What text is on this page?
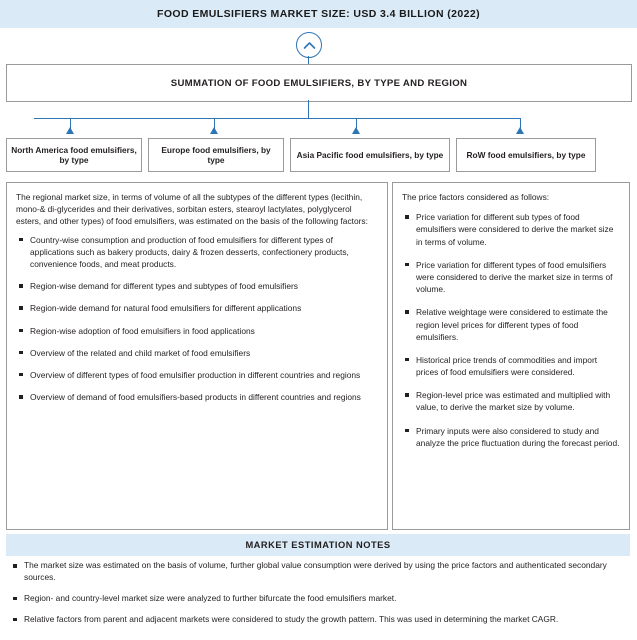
FOOD EMULSIFIERS MARKET SIZE: USD 3.4 BILLION (2022)
SUMMATION OF FOOD EMULSIFIERS, BY TYPE AND REGION
North America food emulsifiers, by type
Europe food emulsifiers, by type
Asia Pacific food emulsifiers, by type	RoW food emulsifiers, by type

The regional market size, in terms of volume of all the subtypes of the different types (lecithin, mono-& di-glycerides and their derivatives, sorbitan esters, stearoyl lactylates, polyglycerol esters, and other types) of food emulsifiers, was estimated on the basis of the following factors:

Country-wise consumption and production of food emulsifiers for different types of applications such as bakery products, dairy & frozen desserts, confectionery products, convenience foods, and meat products.
Region-wise demand for different types and subtypes of food emulsifiers
Region-wide demand for natural food emulsifiers for different applications
Region-wise adoption of food emulsifiers in food applications
Overview of the related and child market of food emulsifiers
Overview of different types of food emulsifier production in different countries and regions
Overview of demand of food emulsifiers-based products in different countries and regions

The price factors considered as follows:

Price variation for different sub types of food emulsifiers were considered to derive the market size in terms of volume.
Price variation for different types of food emulsifiers were considered to derive the market size in terms of volume.
Relative weightage were considered to estimate the region level prices for different types of food emulsifiers.
Historical price trends of commodities and import prices of food emulsifiers were considered.
Region-level price was estimated and multiplied with value, to derive the market size by volume.
Primary inputs were also considered to study and analyze the price fluctuation during the forecast period.
MARKET ESTIMATION NOTES
The market size was estimated on the basis of volume, further global value consumption were derived by using the price factors and authenticated secondary sources.
Region- and country-level market size were analyzed to further bifurcate the food emulsifiers market.
Relative factors from parent and adjacent markets were considered to study the growth pattern. This was used in determining the market CAGR.
